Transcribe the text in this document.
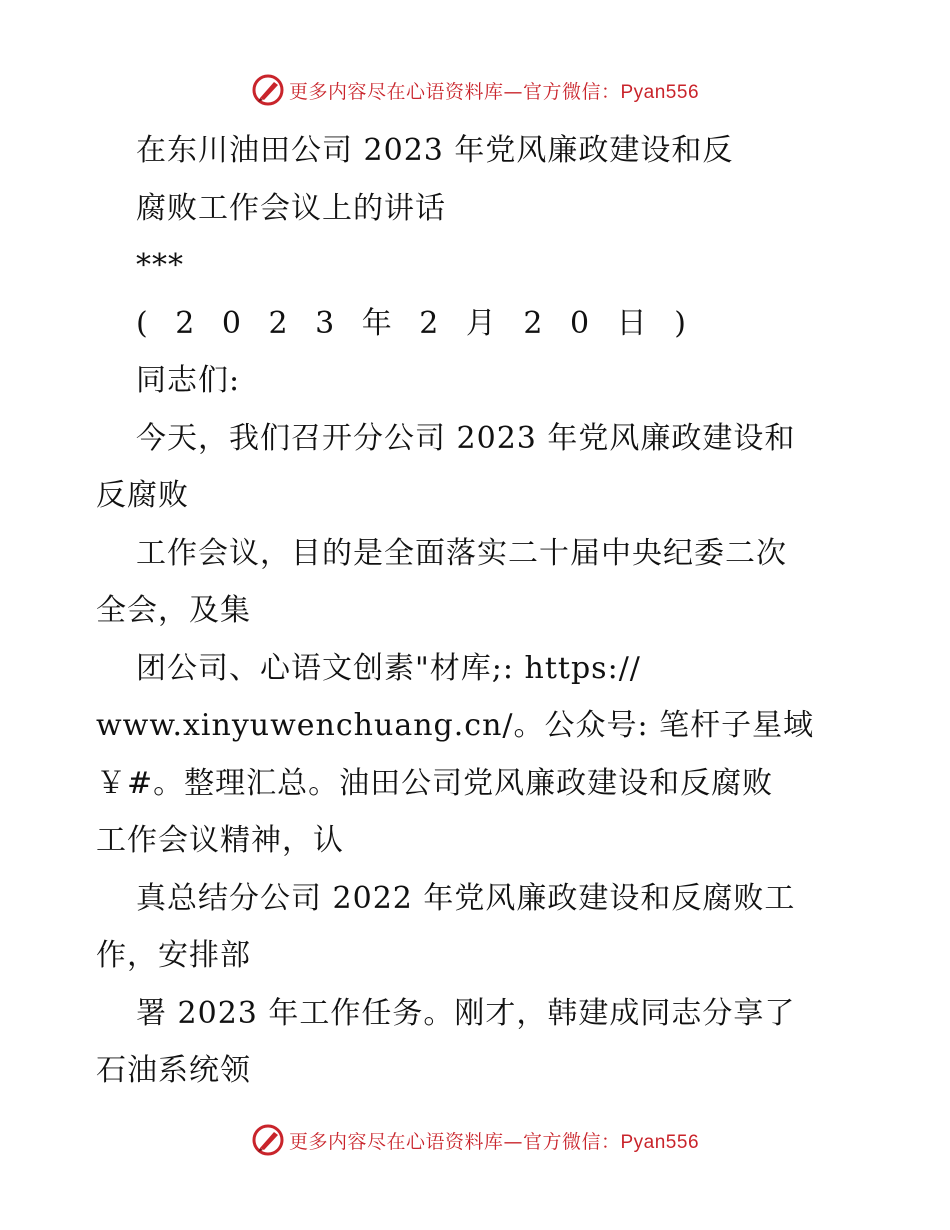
更多内容尽在心语资料库—官方微信：Pyan556
在东川油田公司 2023 年党风廉政建设和反
腐败工作会议上的讲话
***
( 2 0 2 3 年 2 月 2 0 日 )
同志们:
今天，我们召开分公司 2023 年党风廉政建设和
反腐败
工作会议，目的是全面落实二十届中央纪委二次
全会，及集
团公司、心语文创素"材库;: https://
www.xinyuwenchuang.cn/。公众号: 笔杆子星域
￥#。整理汇总。油田公司党风廉政建设和反腐败
工作会议精神，认
真总结分公司 2022 年党风廉政建设和反腐败工
作，安排部
署 2023 年工作任务。刚才，韩建成同志分享了
石油系统领
更多内容尽在心语资料库—官方微信：Pyan556
